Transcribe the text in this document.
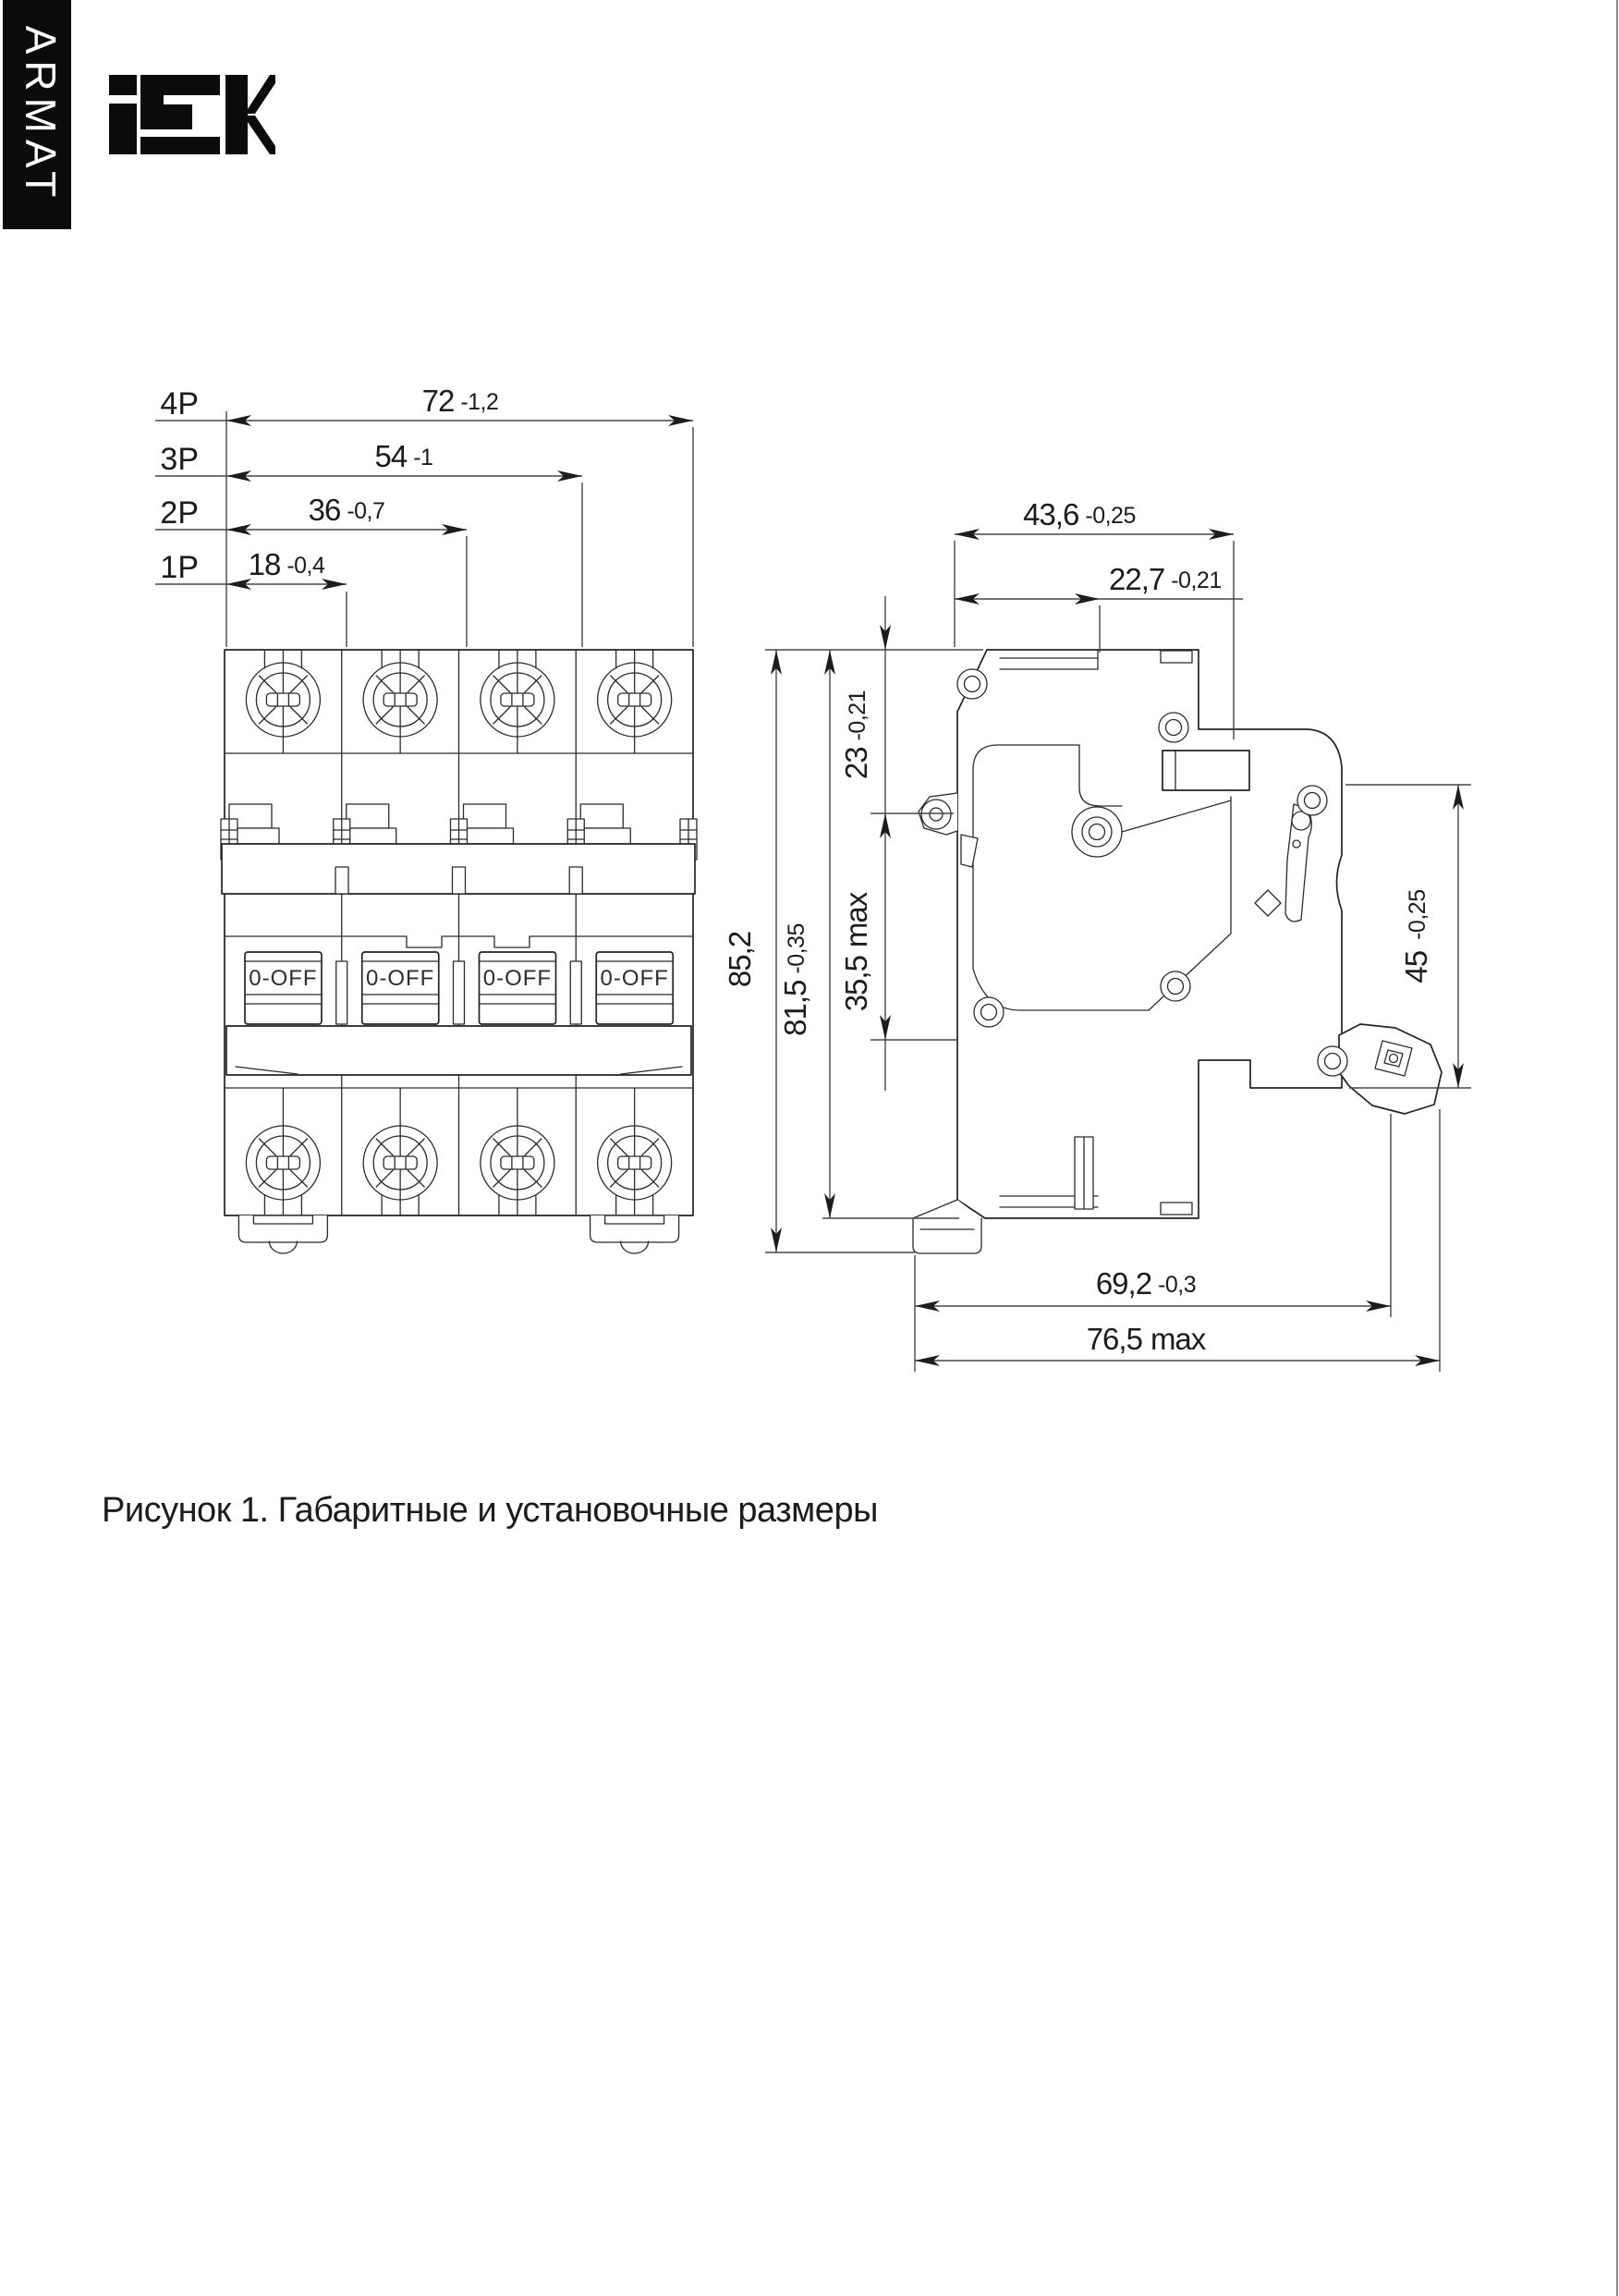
0-OFF
ARMAT
4P	72 -1,2
3P	54 -1
2P	36 -0,7
1P 18 -0,4
43,6 -0,25
22,7 -0,21
85,2
81,5-0,35
23-0,21
35,5max
45-0,25
69,2 -0,3
76,5 max
Рисунок 1. Габаритные и установочные размеры
